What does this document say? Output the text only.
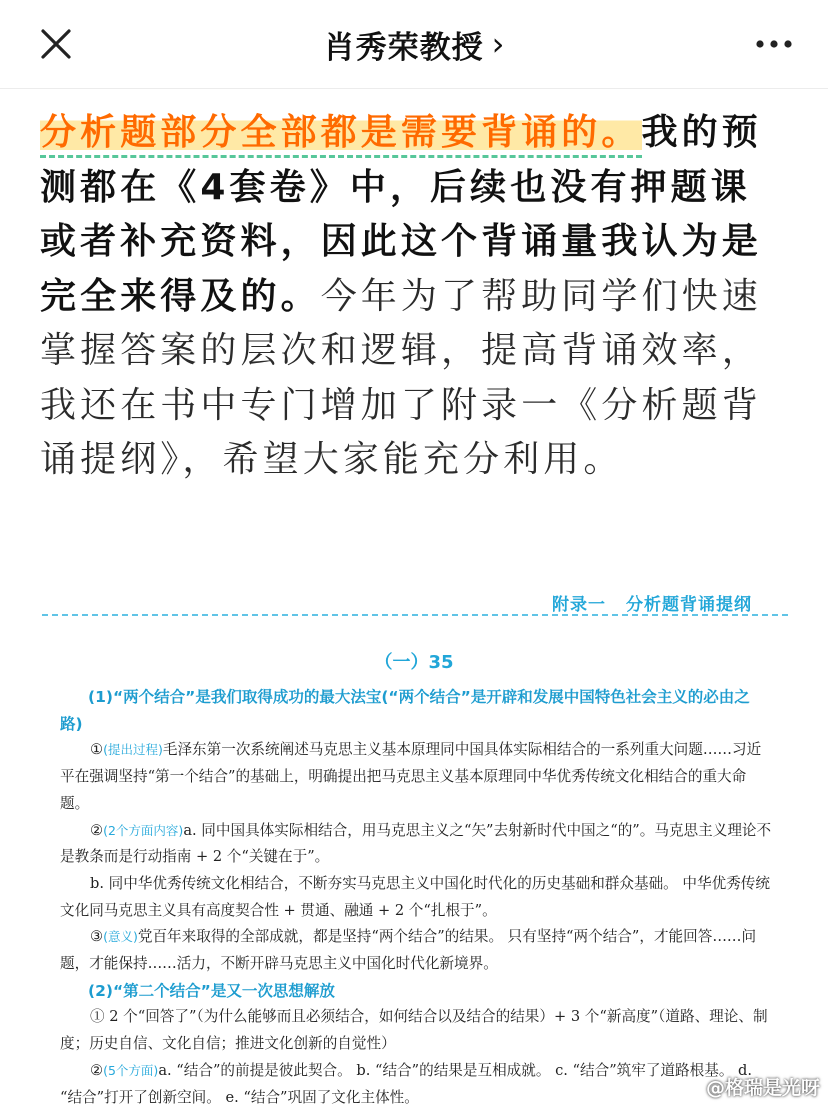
肖秀荣教授 ›
分析题部分全部都是需要背诵的。我的预测都在《4套卷》中，后续也没有押题课或者补充资料，因此这个背诵量我认为是完全来得及的。今年为了帮助同学们快速掌握答案的层次和逻辑，提高背诵效率，我还在书中专门增加了附录一《分析题背诵提纲》，希望大家能充分利用。
附录一 分析题背诵提纲
（一）35

(1)“两个结合”是我们取得成功的最大法宝(“两个结合”是开辟和发展中国特色社会主义的必由之路)

①(提出过程)毛泽东第一次系统阐述马克思主义基本原理同中国具体实际相结合的一系列重大问题……习近平在强调坚持“第一个结合”的基础上，明确提出把马克思主义基本原理同中华优秀传统文化相结合的重大命题。

②(2个方面内容)a. 同中国具体实际相结合，用马克思主义之“矢”去射新时代中国之“的”。马克思主义理论不是教条而是行动指南 + 2 个“关键在于”。

b. 同中华优秀传统文化相结合，不断夯实马克思主义中国化时代化的历史基础和群众基础。 中华优秀传统文化同马克思主义具有高度契合性 + 贯通、融通 + 2 个“扎根于”。

③(意义)党百年来取得的全部成就，都是坚持“两个结合”的结果。 只有坚持“两个结合”，才能回答……问题，才能保持……活力，不断开辟马克思主义中国化时代化新境界。

(2)“第二个结合”是又一次思想解放

① 2 个“回答了”（为什么能够而且必须结合，如何结合以及结合的结果）+ 3 个“新高度”（道路、理论、制度；历史自信、文化自信；推进文化创新的自觉性）

②(5个方面)a. “结合”的前提是彼此契合。 b. “结合”的结果是互相成就。 c. “结合”筑牢了道路根基。 d. “结合”打开了创新空间。 e. “结合”巩固了文化主体性。	@格瑞是光呀
